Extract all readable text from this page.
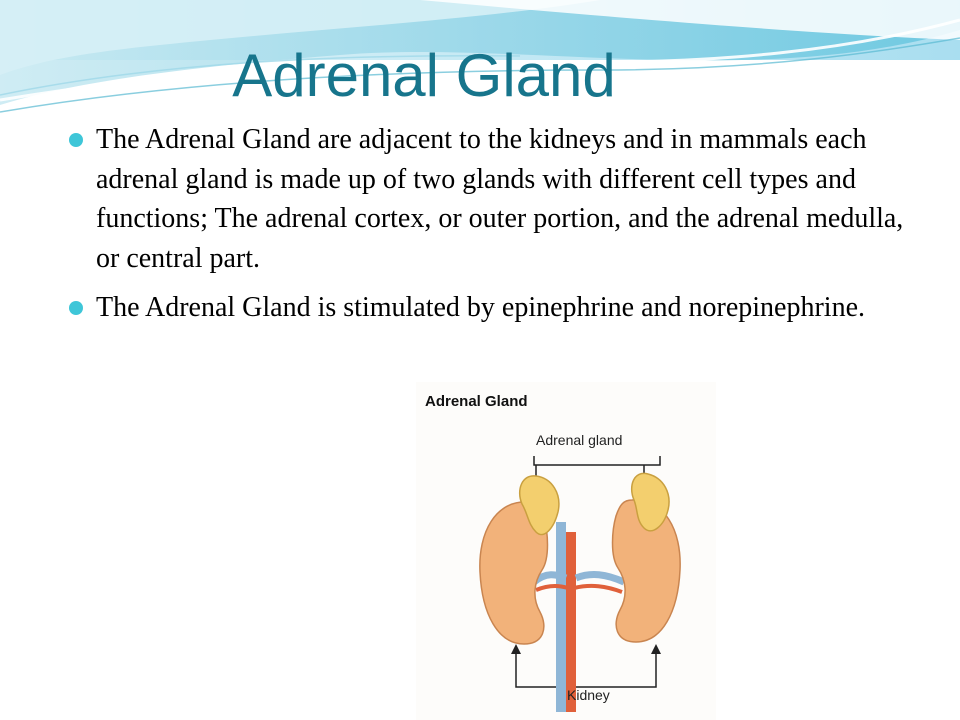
Adrenal Gland
The Adrenal Gland are adjacent to the kidneys and in mammals each adrenal gland is made up of two glands with different cell types and functions; The adrenal cortex, or outer portion, and the adrenal medulla, or central part.
The Adrenal Gland is stimulated by epinephrine and norepinephrine.
Adrenal Gland
Adrenal gland
Kidney
